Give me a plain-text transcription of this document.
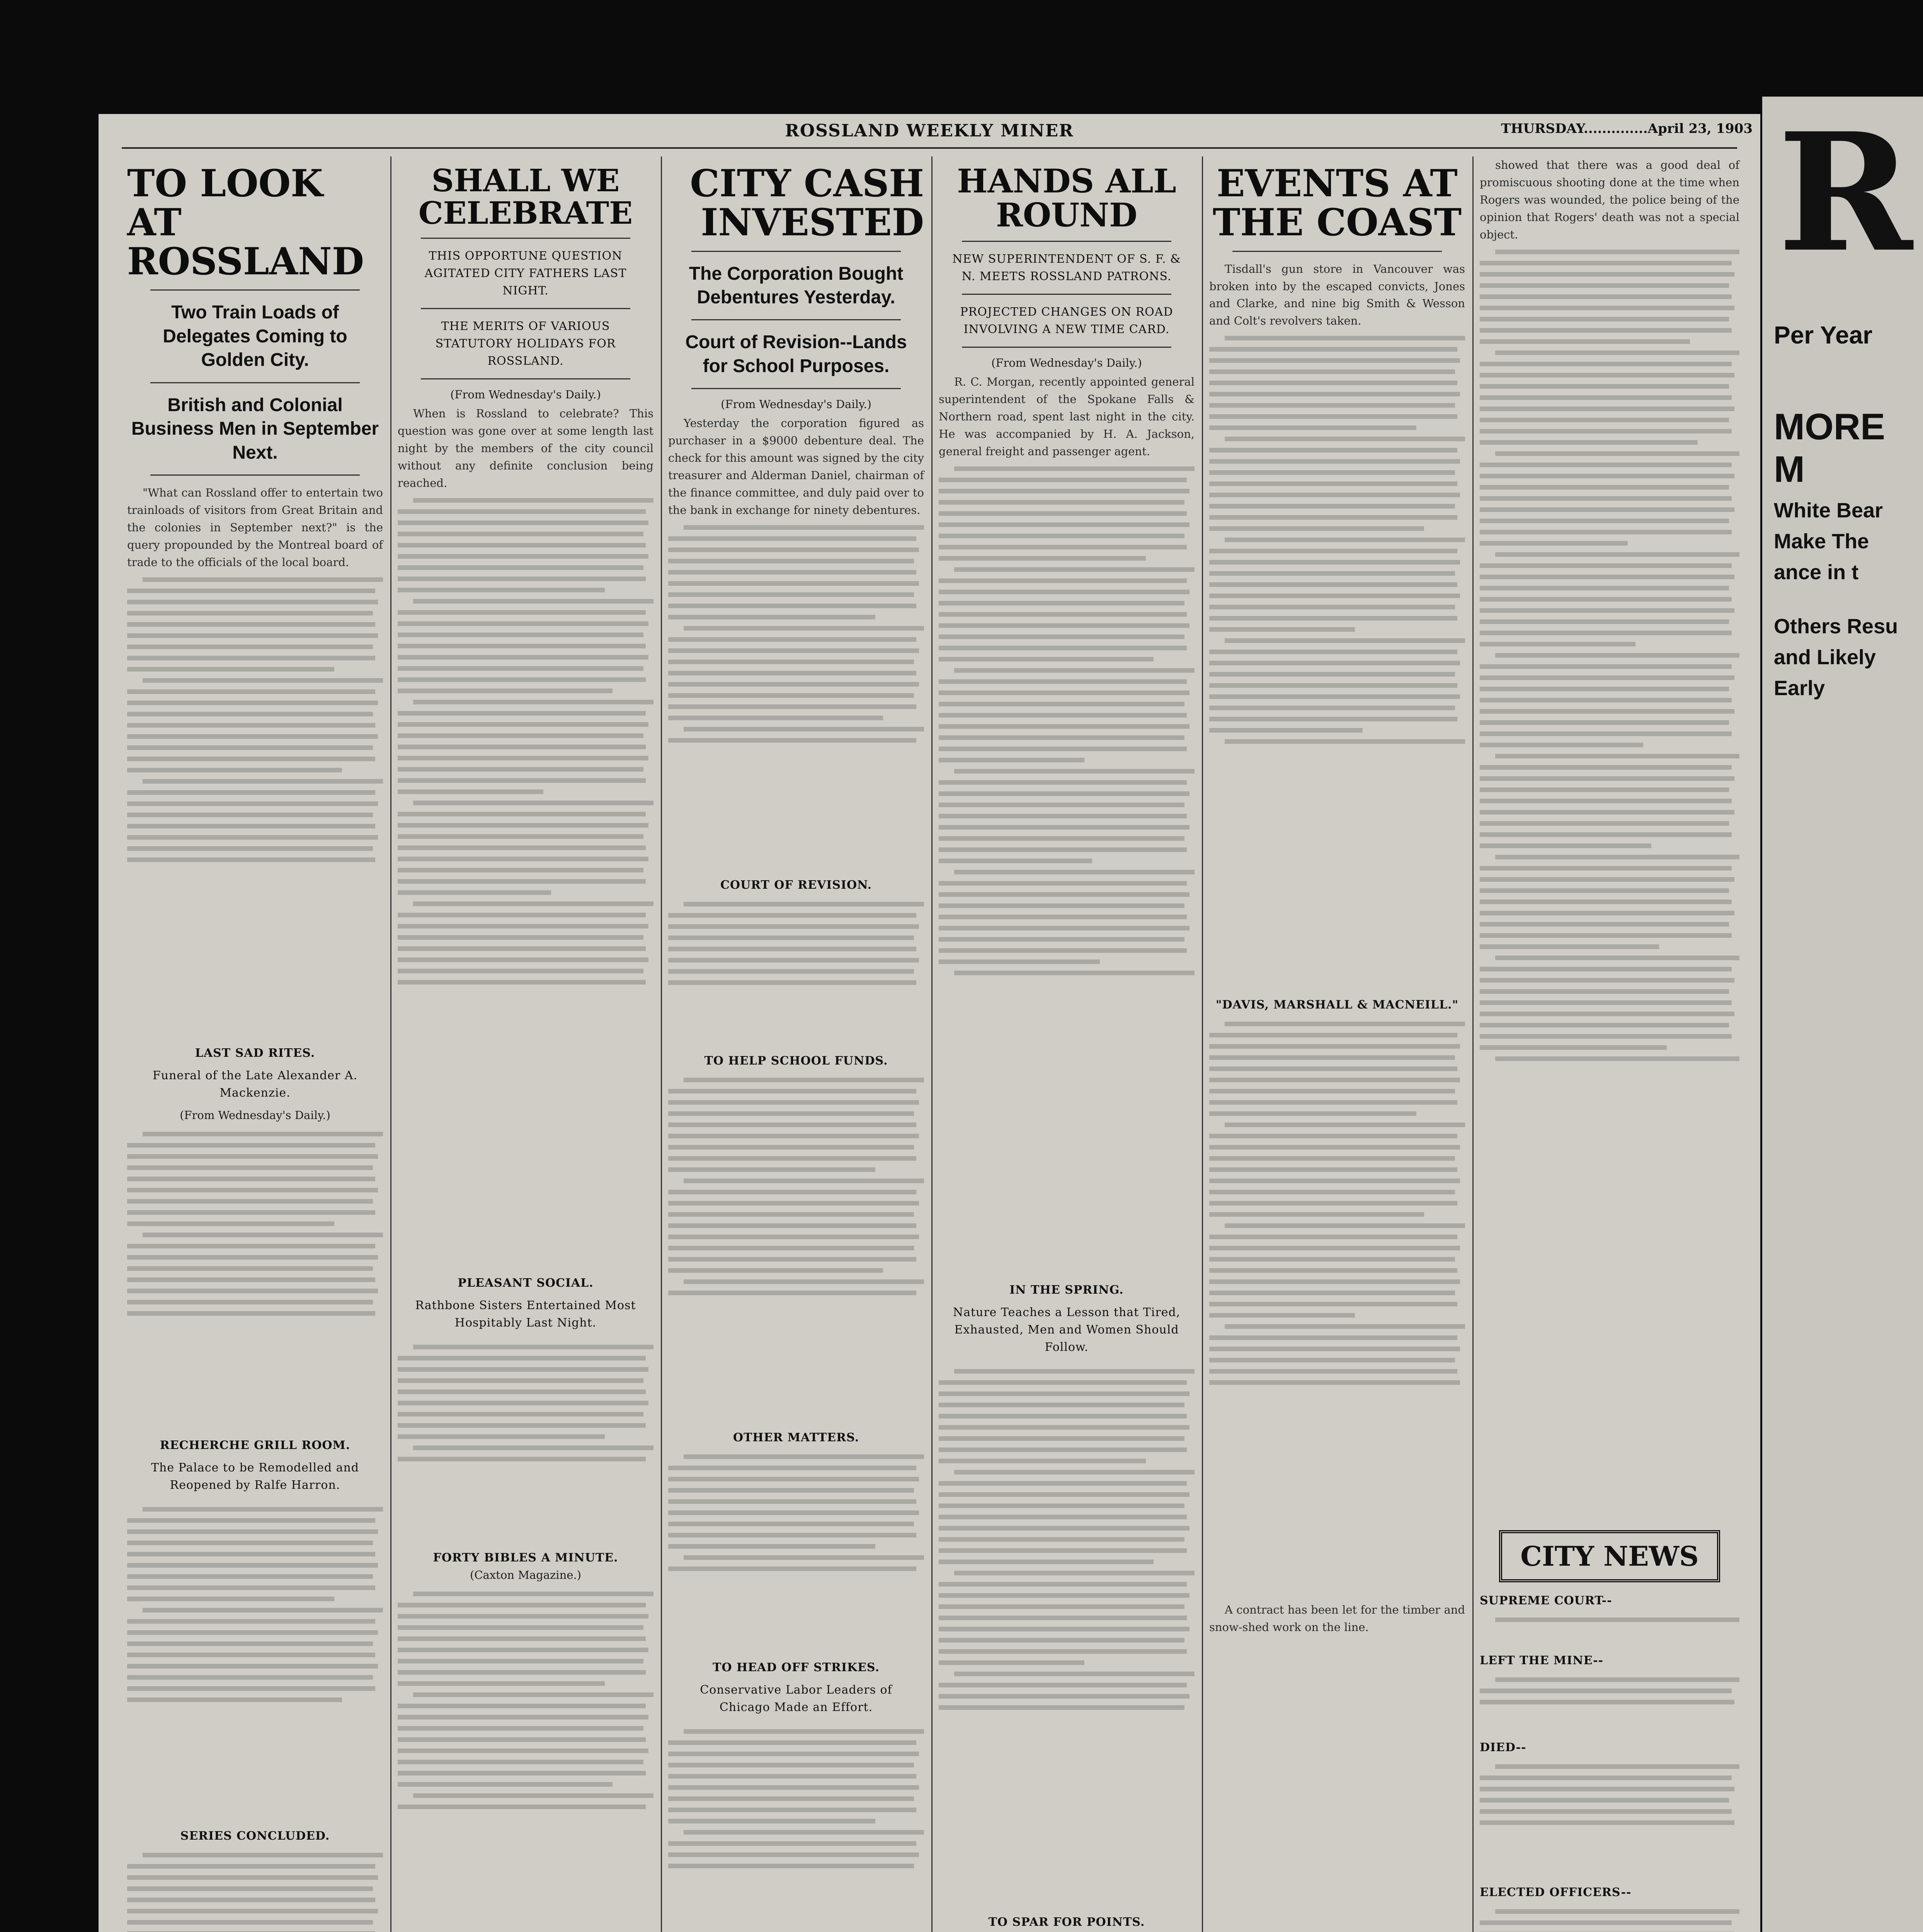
ROSSLAND WEEKLY MINER	THURSDAY..............April 23, 1903
TO LOOK AT ROSSLAND
Two Train Loads of Delegates Coming to Golden City.
British and Colonial Business Men in September Next.

"What can Rossland offer to entertain two trainloads of visitors from Great Britain and the colonies in September next?" is the query propounded by the Montreal board of trade to the officials of the local board.

LAST SAD RITES.
Funeral of the Late Alexander A. Mackenzie.
(From Wednesday's Daily.)
RECHERCHE GRILL ROOM.
The Palace to be Remodelled and Reopened by Ralfe Harron.
SERIES CONCLUDED.
SHALL WE CELEBRATE
THIS OPPORTUNE QUESTION AGITATED CITY FATHERS LAST NIGHT.
THE MERITS OF VARIOUS STATUTORY HOLIDAYS FOR ROSSLAND.
(From Wednesday's Daily.)

When is Rossland to celebrate? This question was gone over at some length last night by the members of the city council without any definite conclusion being reached.

PLEASANT SOCIAL.
Rathbone Sisters Entertained Most Hospitably Last Night.
FORTY BIBLES A MINUTE.
(Caxton Magazine.)
CITY CASH INVESTED
The Corporation Bought Debentures Yesterday.
Court of Revision--Lands for School Purposes.
(From Wednesday's Daily.)

Yesterday the corporation figured as purchaser in a $9000 debenture deal. The check for this amount was signed by the city treasurer and Alderman Daniel, chairman of the finance committee, and duly paid over to the bank in exchange for ninety debentures.

COURT OF REVISION.
TO HELP SCHOOL FUNDS.
OTHER MATTERS.
TO HEAD OFF STRIKES.
Conservative Labor Leaders of Chicago Made an Effort.
HANDS ALL ROUND
NEW SUPERINTENDENT OF S. F. & N. MEETS ROSSLAND PATRONS.
PROJECTED CHANGES ON ROAD INVOLVING A NEW TIME CARD.
(From Wednesday's Daily.)

R. C. Morgan, recently appointed general superintendent of the Spokane Falls & Northern road, spent last night in the city. He was accompanied by H. A. Jackson, general freight and passenger agent.

IN THE SPRING.
Nature Teaches a Lesson that Tired, Exhausted, Men and Women Should Follow.
TO SPAR FOR POINTS.
EVENTS AT THE COAST

Tisdall's gun store in Vancouver was broken into by the escaped convicts, Jones and Clarke, and nine big Smith & Wesson and Colt's revolvers taken.

"DAVIS, MARSHALL & MACNEILL."

A contract has been let for the timber and snow-shed work on the line.

showed that there was a good deal of promiscuous shooting done at the time when Rogers was wounded, the police being of the opinion that Rogers' death was not a special object.

CITY NEWS
SUPREME COURT--
LEFT THE MINE--
DIED--
ELECTED OFFICERS--
R
Per Year
MORE M
White Bear
Make The
ance in t
Others Resu
and Likely
Early
